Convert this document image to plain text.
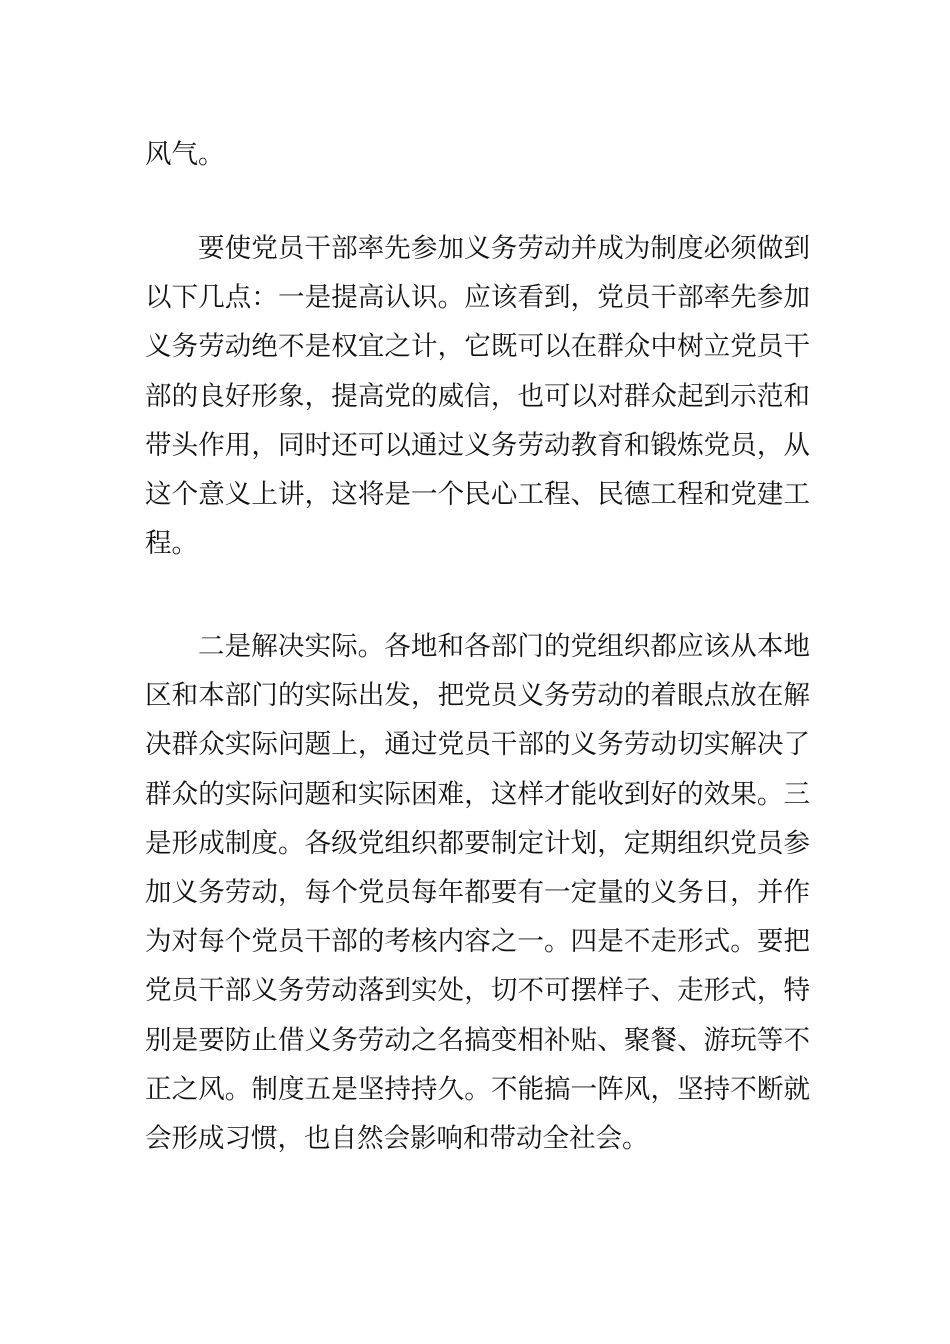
风气。
要使党员干部率先参加义务劳动并成为制度必须做到
以下几点：一是提高认识。应该看到，党员干部率先参加
义务劳动绝不是权宜之计，它既可以在群众中树立党员干
部的良好形象，提高党的威信，也可以对群众起到示范和
带头作用，同时还可以通过义务劳动教育和锻炼党员，从
这个意义上讲，这将是一个民心工程、民德工程和党建工
程。
二是解决实际。各地和各部门的党组织都应该从本地
区和本部门的实际出发，把党员义务劳动的着眼点放在解
决群众实际问题上，通过党员干部的义务劳动切实解决了
群众的实际问题和实际困难，这样才能收到好的效果。三
是形成制度。各级党组织都要制定计划，定期组织党员参
加义务劳动，每个党员每年都要有一定量的义务日，并作
为对每个党员干部的考核内容之一。四是不走形式。要把
党员干部义务劳动落到实处，切不可摆样子、走形式，特
别是要防止借义务劳动之名搞变相补贴、聚餐、游玩等不
正之风。制度五是坚持持久。不能搞一阵风，坚持不断就
会形成习惯，也自然会影响和带动全社会。
